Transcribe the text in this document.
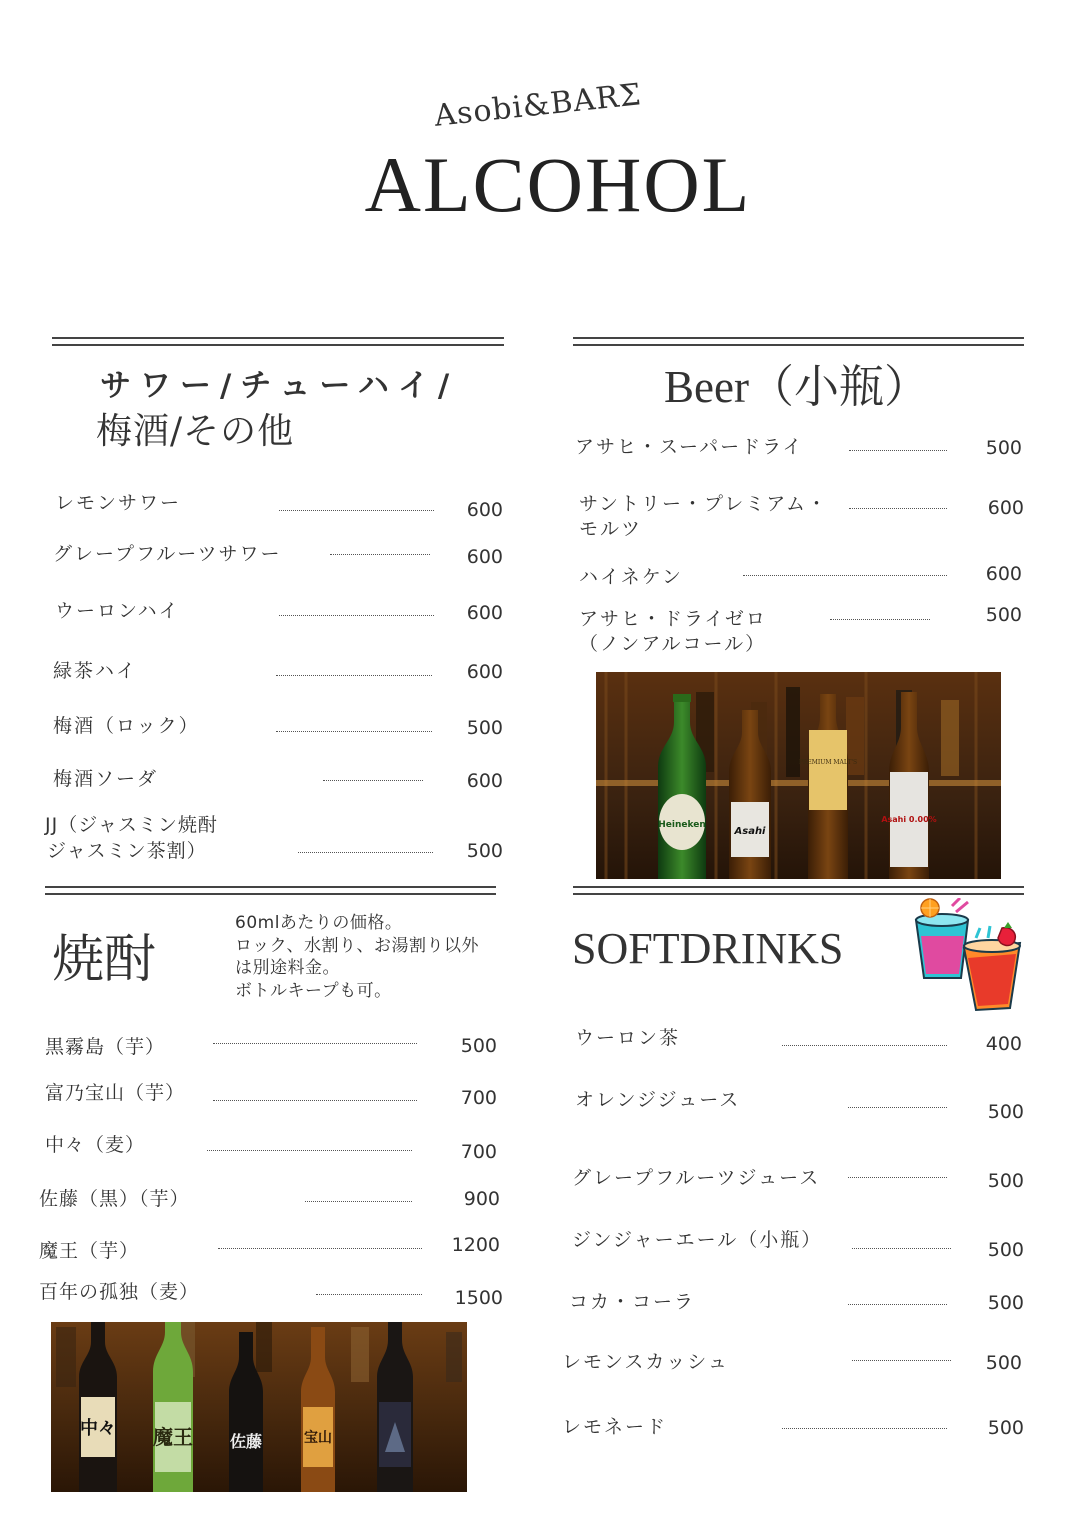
Asobi&BARΣ
ALCOHOL
サワー/チューハイ/
梅酒/その他
レモンサワー	600
グレープフルーツサワー	600
ウーロンハイ	600
緑茶ハイ	600
梅酒（ロック）	500
梅酒ソーダ	600
JJ（ジャスミン焼酎
ジャスミン茶割）	500
Beer（小瓶）
アサヒ・スーパードライ	500
サントリー・プレミアム・
モルツ
600
ハイネケン	600
アサヒ・ドライゼロ
（ノンアルコール）
500
Heineken
Asahi
PREMIUM MALT'S
Asahi 0.00%
焼酎
60mlあたりの価格。
ロック、水割り、お湯割り以外
は別途料金。
ボトルキープも可。
黒霧島（芋）	500
富乃宝山（芋）	700
中々（麦）	700
佐藤（黒）（芋）	900
魔王（芋）	1200
百年の孤独（麦）	1500
中々 魔王 佐藤	宝山
SOFTDRINKS
ウーロン茶	400
オレンジジュース
500
グレープフルーツジュース	500
ジンジャーエール（小瓶）	500
コカ・コーラ	500
レモンスカッシュ	500
レモネード	500
